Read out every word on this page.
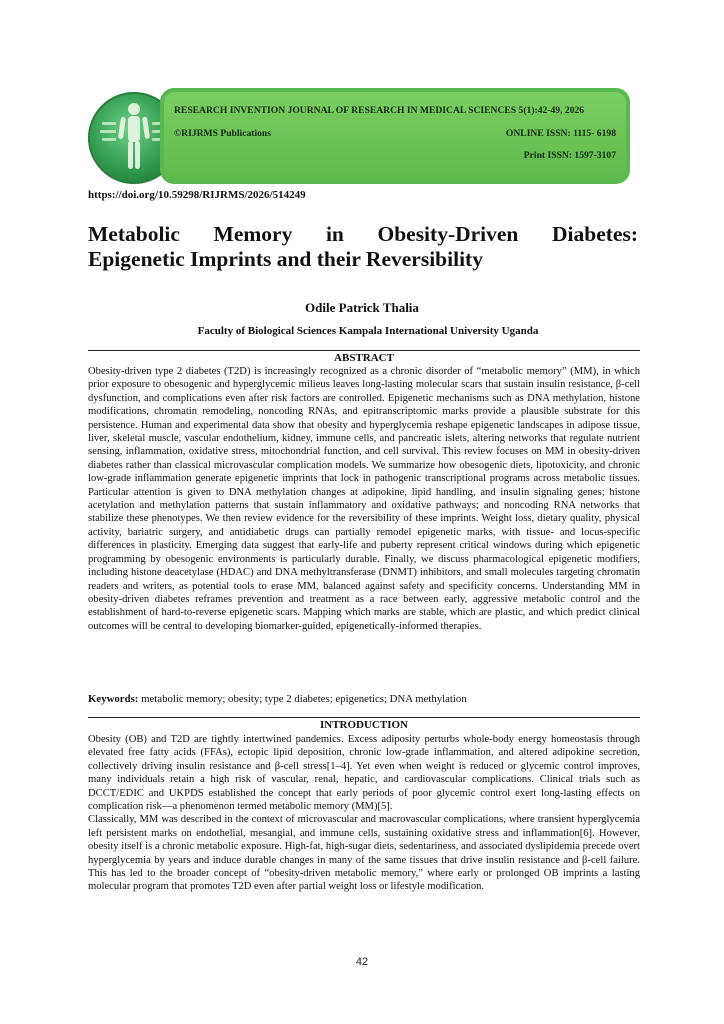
RESEARCH INVENTION JOURNAL OF RESEARCH IN MEDICAL SCIENCES 5(1):42-49, 2026
©RIJRMS Publications	ONLINE ISSN: 1115- 6198
Print ISSN: 1597-3107
https://doi.org/10.59298/RIJRMS/2026/514249
Metabolic Memory in Obesity-Driven Diabetes:
Epigenetic Imprints and their Reversibility
Odile Patrick Thalia
Faculty of Biological Sciences Kampala International University Uganda
ABSTRACT

Obesity-driven type 2 diabetes (T2D) is increasingly recognized as a chronic disorder of “metabolic memory” (MM), in which prior exposure to obesogenic and hyperglycemic milieus leaves long-lasting molecular scars that sustain insulin resistance, β-cell dysfunction, and complications even after risk factors are controlled. Epigenetic mechanisms such as DNA methylation, histone modifications, chromatin remodeling, noncoding RNAs, and epitranscriptomic marks provide a plausible substrate for this persistence. Human and experimental data show that obesity and hyperglycemia reshape epigenetic landscapes in adipose tissue, liver, skeletal muscle, vascular endothelium, kidney, immune cells, and pancreatic islets, altering networks that regulate nutrient sensing, inflammation, oxidative stress, mitochondrial function, and cell survival. This review focuses on MM in obesity-driven diabetes rather than classical microvascular complication models. We summarize how obesogenic diets, lipotoxicity, and chronic low-grade inflammation generate epigenetic imprints that lock in pathogenic transcriptional programs across metabolic tissues. Particular attention is given to DNA methylation changes at adipokine, lipid handling, and insulin signaling genes; histone acetylation and methylation patterns that sustain inflammatory and oxidative pathways; and noncoding RNA networks that stabilize these phenotypes. We then review evidence for the reversibility of these imprints. Weight loss, dietary quality, physical activity, bariatric surgery, and antidiabetic drugs can partially remodel epigenetic marks, with tissue- and locus-specific differences in plasticity. Emerging data suggest that early-life and puberty represent critical windows during which epigenetic programming by obesogenic environments is particularly durable. Finally, we discuss pharmacological epigenetic modifiers, including histone deacetylase (HDAC) and DNA methyltransferase (DNMT) inhibitors, and small molecules targeting chromatin readers and writers, as potential tools to erase MM, balanced against safety and specificity concerns. Understanding MM in obesity-driven diabetes reframes prevention and treatment as a race between early, aggressive metabolic control and the establishment of hard-to-reverse epigenetic scars. Mapping which marks are stable, which are plastic, and which predict clinical outcomes will be central to developing biomarker-guided, epigenetically-informed therapies.

Keywords: metabolic memory; obesity; type 2 diabetes; epigenetics; DNA methylation
INTRODUCTION

Obesity (OB) and T2D are tightly intertwined pandemics. Excess adiposity perturbs whole-body energy homeostasis through elevated free fatty acids (FFAs), ectopic lipid deposition, chronic low-grade inflammation, and altered adipokine secretion, collectively driving insulin resistance and β-cell stress[1–4]. Yet even when weight is reduced or glycemic control improves, many individuals retain a high risk of vascular, renal, hepatic, and cardiovascular complications. Clinical trials such as DCCT/EDIC and UKPDS established the concept that early periods of poor glycemic control exert long-lasting effects on complication risk—a phenomenon termed metabolic memory (MM)[5].

Classically, MM was described in the context of microvascular and macrovascular complications, where transient hyperglycemia left persistent marks on endothelial, mesangial, and immune cells, sustaining oxidative stress and inflammation[6]. However, obesity itself is a chronic metabolic exposure. High-fat, high-sugar diets, sedentariness, and associated dyslipidemia precede overt hyperglycemia by years and induce durable changes in many of the same tissues that drive insulin resistance and β-cell failure. This has led to the broader concept of “obesity-driven metabolic memory,” where early or prolonged OB imprints a lasting molecular program that promotes T2D even after partial weight loss or lifestyle modification.

42
